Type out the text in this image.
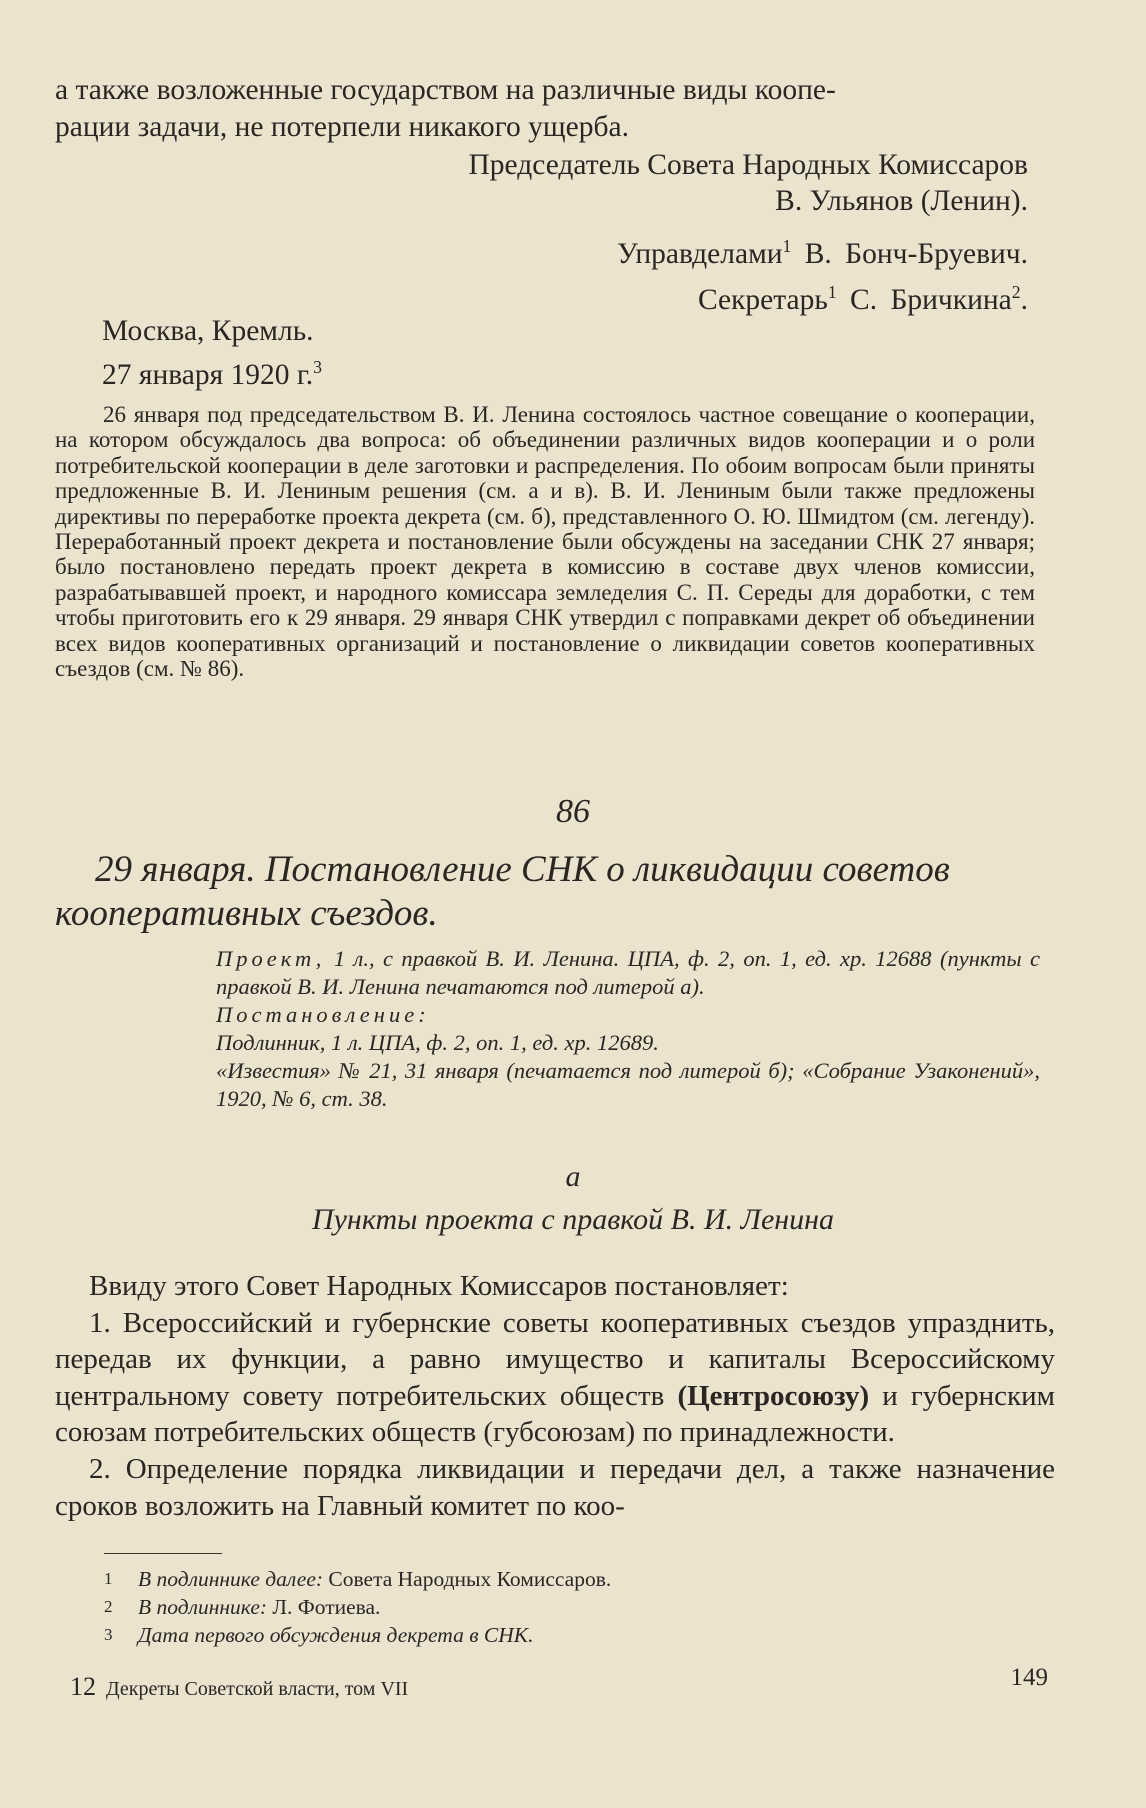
а также возложенные государством на различные виды коопе-

рации задачи, не потерпели никакого ущерба.

Председатель Совета Народных Комиссаров
В. Ульянов (Ленин).
Управделами$^1$ В. Бонч-Бруевич.
Секретарь$^1$ С. Бричкина$^2$.
Москва, Кремль.
27 января 1920 г.$^3$
26 января под председательством В. И. Ленина состоялось частное совещание о кооперации, на котором обсуждалось два вопроса: об объединении различных видов кооперации и о роли потребительской кооперации в деле заготовки и распределения. По обоим вопросам были приняты предложенные В. И. Лениным решения (см. а и в). В. И. Лениным были также предложены директивы по переработке проекта декрета (см. б), представленного О. Ю. Шмидтом (см. легенду). Переработанный проект декрета и постановление были обсуждены на заседании СНК 27 января; было постановлено передать проект декрета в комиссию в составе двух членов комиссии, разрабатывавшей проект, и народного комиссара земледелия С. П. Середы для доработки, с тем чтобы приготовить его к 29 января. 29 января СНК утвердил с поправками декрет об объединении всех видов кооперативных организаций и постановление о ликвидации советов кооперативных съездов (см. № 86).
86
29 января. Постановление СНК о ликвидации советов кооперативных съездов.

Проект, 1 л., с правкой В. И. Ленина. ЦПА, ф. 2, оп. 1, ед. хр. 12688 (пункты с правкой В. И. Ленина печатаются под литерой а).

Постановление:

Подлинник, 1 л. ЦПА, ф. 2, оп. 1, ед. хр. 12689.

«Известия» № 21, 31 января (печатается под литерой б); «Собрание Узаконений», 1920, № 6, ст. 38.

а
Пункты проекта с правкой В. И. Ленина

Ввиду этого Совет Народных Комиссаров постановляет:

1. Всероссийский и губернские советы кооперативных съездов упразднить, передав их функции, а равно имущество и капиталы Всероссийскому центральному совету потребительских обществ (Центросоюзу) и губернским союзам потребительских обществ (губсоюзам) по принадлежности.

2. Определение порядка ликвидации и передачи дел, а также назначение сроков возложить на Главный комитет по коо-

1 В подлиннике далее: Совета Народных Комиссаров.
2 В подлиннике: Л. Фотиева.
3 Дата первого обсуждения декрета в СНК.
12 Декреты Советской власти, том VII	149
